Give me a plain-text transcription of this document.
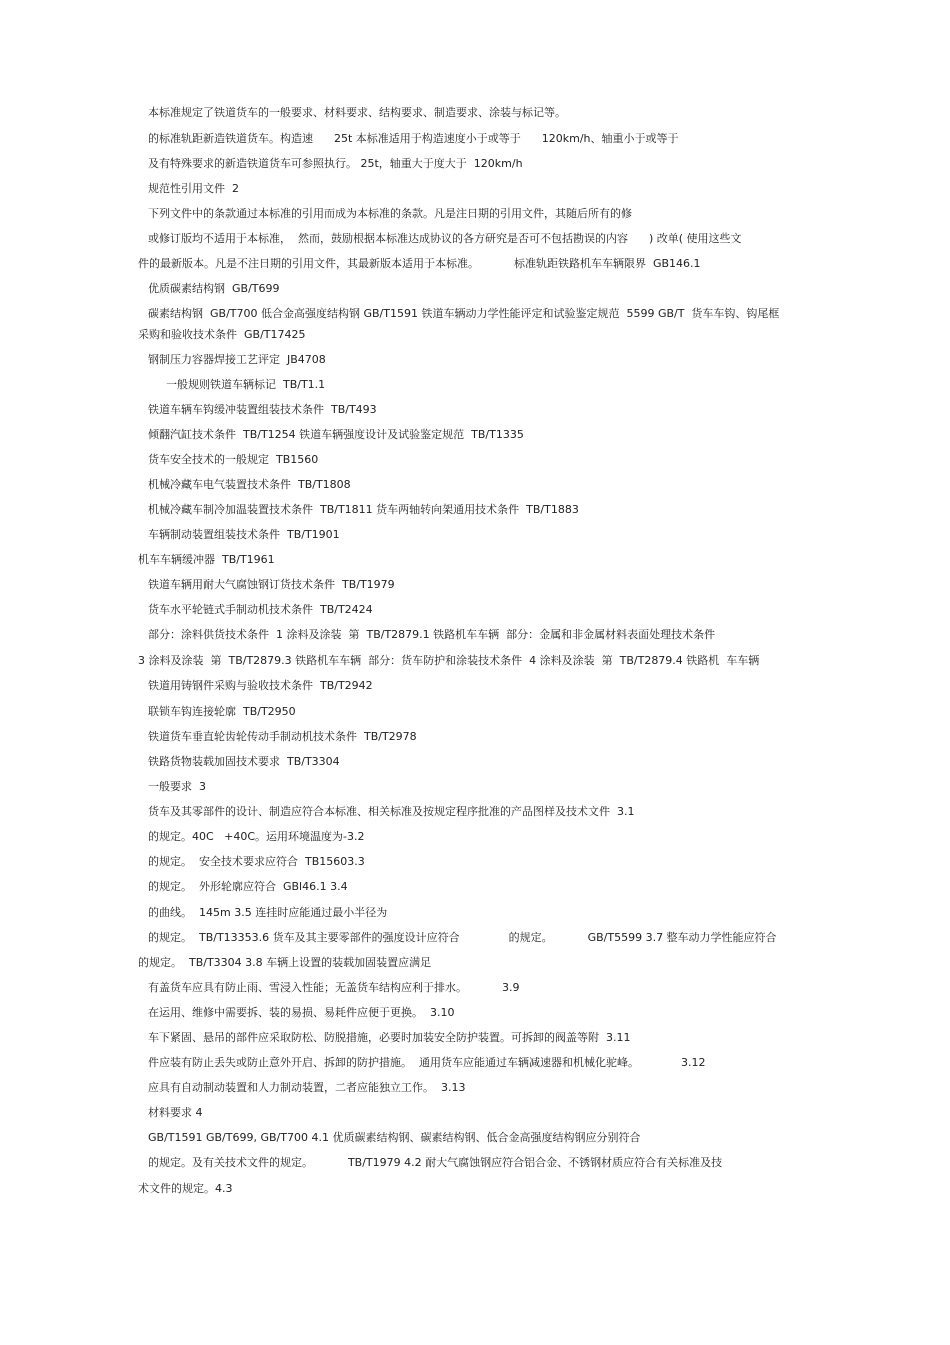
本标准规定了铁道货车的一般要求、材料要求、结构要求、制造要求、涂装与标记等。
的标准轨距新造铁道货车。构造速      25t 本标准适用于构造速度小于或等于      120km/h、轴重小于或等于
及有特殊要求的新造铁道货车可参照执行。 25t，轴重大于度大于  120km/h
规范性引用文件  2
下列文件中的条款通过本标准的引用而成为本标准的条款。凡是注日期的引用文件，其随后所有的修
或修订版均不适用于本标准，  然而，鼓励根据本标准达成协议的各方研究是否可不包括勘误的内容      ) 改单( 使用这些文
件的最新版本。凡是不注日期的引用文件，其最新版本适用于本标准。          标准轨距铁路机车车辆限界  GB146.1
优质碳素结构钢  GB/T699
碳素结构钢  GB/T700 低合金高强度结构钢 GB/T1591 铁道车辆动力学性能评定和试验鉴定规范  5599 GB/T  货车车钩、钩尾框
采购和验收技术条件  GB/T17425
钢制压力容器焊接工艺评定  JB4708
一般规则铁道车辆标记  TB/T1.1
铁道车辆车钩缓冲装置组装技术条件  TB/T493
倾翻汽缸技术条件  TB/T1254 铁道车辆强度设计及试验鉴定规范  TB/T1335
货车安全技术的一般规定  TB1560
机械冷藏车电气装置技术条件  TB/T1808
机械冷藏车制冷加温装置技术条件  TB/T1811 货车两轴转向架通用技术条件  TB/T1883
车辆制动装置组装技术条件  TB/T1901
机车车辆缓冲器  TB/T1961
铁道车辆用耐大气腐蚀钢订货技术条件  TB/T1979
货车水平轮链式手制动机技术条件  TB/T2424
部分：涂料供货技术条件  1 涂料及涂装  第  TB/T2879.1 铁路机车车辆  部分：金属和非金属材料表面处理技术条件
3 涂料及涂装  第  TB/T2879.3 铁路机车车辆  部分：货车防护和涂装技术条件  4 涂料及涂装  第  TB/T2879.4 铁路机  车车辆
铁道用铸钢件采购与验收技术条件  TB/T2942
联锁车钩连接轮廓  TB/T2950
铁道货车垂直轮齿轮传动手制动机技术条件  TB/T2978
铁路货物装载加固技术要求  TB/T3304
一般要求  3
货车及其零部件的设计、制造应符合本标准、相关标准及按规定程序批准的产品图样及技术文件  3.1
的规定。40C   +40C。运用环境温度为-3.2
的规定。  安全技术要求应符合  TB15603.3
的规定。  外形轮廓应符合  GBl46.1 3.4
的曲线。  145m 3.5 连挂时应能通过最小半径为
的规定。  TB/T13353.6 货车及其主要零部件的强度设计应符合              的规定。          GB/T5599 3.7 整车动力学性能应符合
的规定。  TB/T3304 3.8 车辆上设置的装载加固装置应满足
有盖货车应具有防止雨、雪浸入性能；无盖货车结构应利于排水。          3.9
在运用、维修中需要拆、装的易损、易耗件应便于更换。  3.10
车下紧固、悬吊的部件应采取防松、防脱措施，必要时加装安全防护装置。可拆卸的阀盖等附  3.11
件应装有防止丢失或防止意外开启、拆卸的防护措施。  通用货车应能通过车辆减速器和机械化驼峰。            3.12
应具有自动制动装置和人力制动装置，二者应能独立工作。  3.13
材料要求 4
GB/T1591 GB/T699, GB/T700 4.1 优质碳素结构钢、碳素结构钢、低合金高强度结构钢应分别符合
的规定。及有关技术文件的规定。          TB/T1979 4.2 耐大气腐蚀钢应符合铝合金、不锈钢材质应符合有关标准及技
术文件的规定。4.3
